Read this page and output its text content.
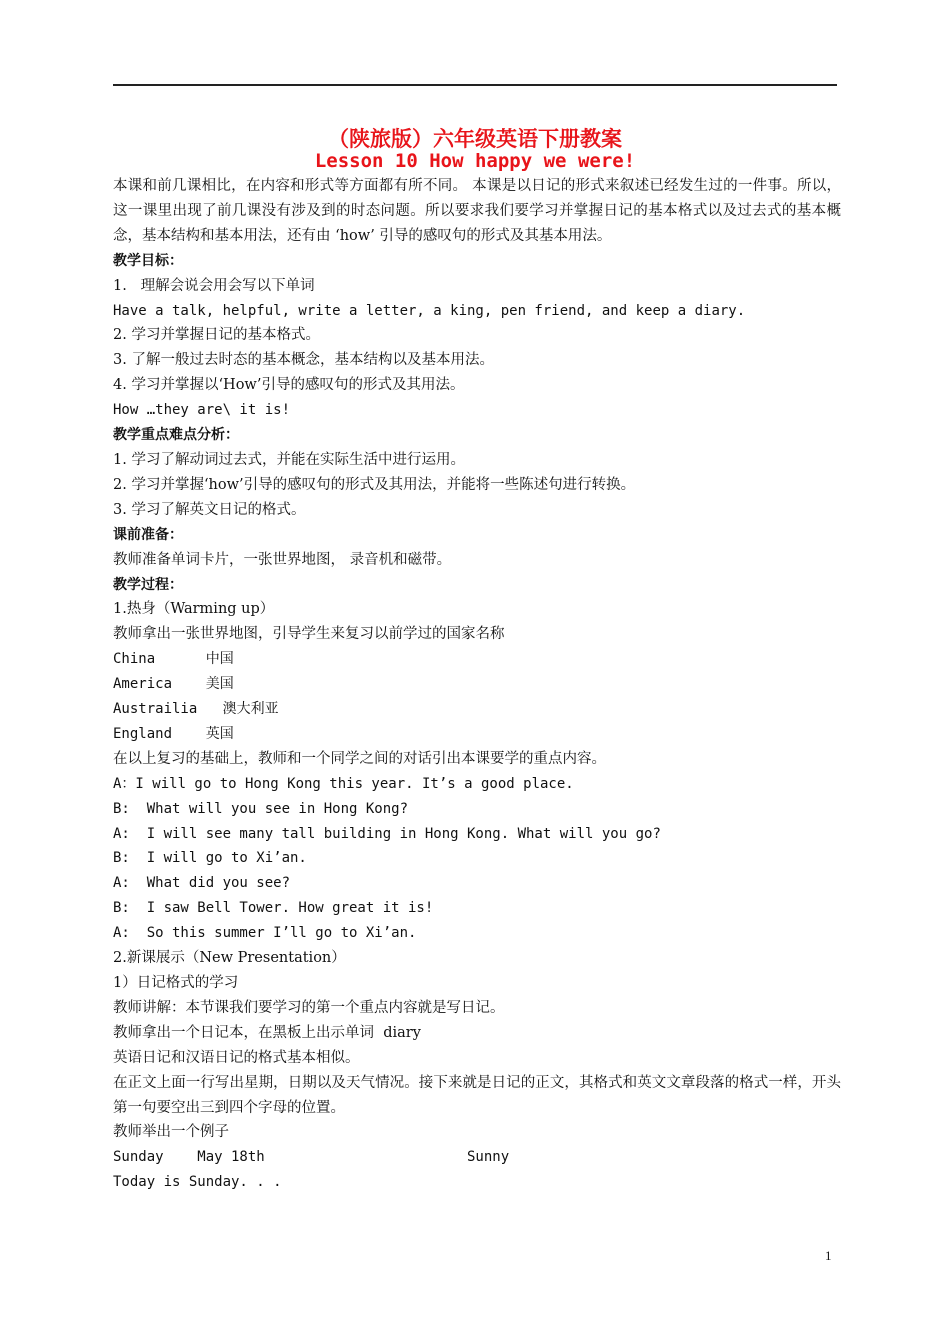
（陕旅版）六年级英语下册教案
Lesson 10 How happy we were!

本课和前几课相比，在内容和形式等方面都有所不同。 本课是以日记的形式来叙述已经发生过的一件事。所以，这一课里出现了前几课没有涉及到的时态问题。所以要求我们要学习并掌握日记的基本格式以及过去式的基本概念，基本结构和基本用法，还有由 ‘how’ 引导的感叹句的形式及其基本用法。

教学目标：

1.   理解会说会用会写以下单词

Have a talk, helpful, write a letter, a king, pen friend, and keep a diary.

2. 学习并掌握日记的基本格式。

3. 了解一般过去时态的基本概念，基本结构以及基本用法。

4. 学习并掌握以‘How’引导的感叹句的形式及其用法。

How …they are\ it is!

教学重点难点分析：

1. 学习了解动词过去式，并能在实际生活中进行运用。

2. 学习并掌握‘how’引导的感叹句的形式及其用法，并能将一些陈述句进行转换。

3. 学习了解英文日记的格式。

课前准备：

教师准备单词卡片，一张世界地图， 录音机和磁带。

教学过程：

1.热身（Warming up）

教师拿出一张世界地图，引导学生来复习以前学过的国家名称

China      中国

America    美国

Austrailia   澳大利亚

England    英国

在以上复习的基础上，教师和一个同学之间的对话引出本课要学的重点内容。

A：I will go to Hong Kong this year. It’s a good place.

B:  What will you see in Hong Kong?

A:  I will see many tall building in Hong Kong. What will you go?

B:  I will go to Xi’an.

A:  What did you see?

B:  I saw Bell Tower. How great it is!

A:  So this summer I’ll go to Xi’an.

2.新课展示（New Presentation）

1）日记格式的学习

教师讲解：本节课我们要学习的第一个重点内容就是写日记。

教师拿出一个日记本，在黑板上出示单词  diary

英语日记和汉语日记的格式基本相似。

在正文上面一行写出星期，日期以及天气情况。接下来就是日记的正文，其格式和英文文章段落的格式一样，开头第一句要空出三到四个字母的位置。

教师举出一个例子

Sunday    May 18th                        Sunny

Today is Sunday. . .

1
